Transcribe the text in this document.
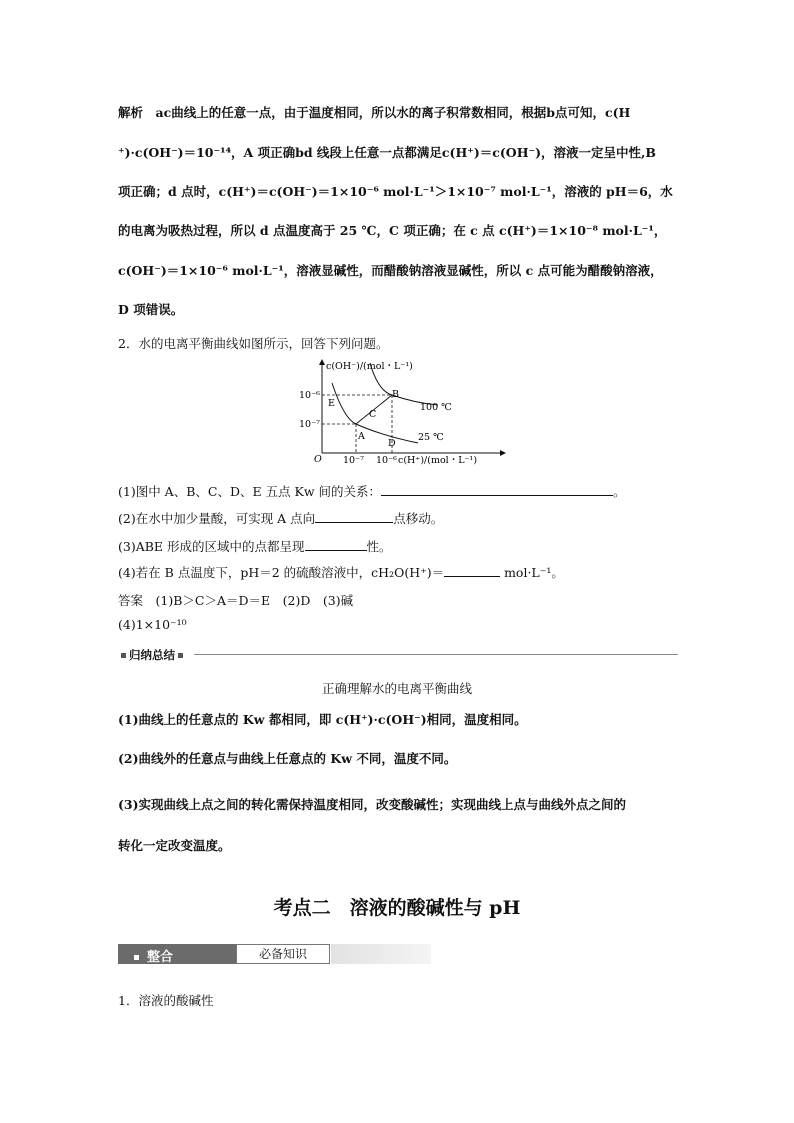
解析　ac曲线上的任意一点，由于温度相同，所以水的离子积常数相同，根据b点可知，c(H
⁺)·c(OH⁻)＝10⁻¹⁴，A 项正确bd 线段上任意一点都满足c(H⁺)＝c(OH⁻)，溶液一定呈中性,B
项正确；d 点时，c(H⁺)＝c(OH⁻)＝1×10⁻⁶ mol·L⁻¹＞1×10⁻⁷ mol·L⁻¹，溶液的 pH＝6，水
的电离为吸热过程，所以 d 点温度高于 25 ℃，C 项正确；在 c 点 c(H⁺)＝1×10⁻⁸ mol·L⁻¹，
c(OH⁻)＝1×10⁻⁶ mol·L⁻¹，溶液显碱性，而醋酸钠溶液显碱性，所以 c 点可能为醋酸钠溶液，
D 项错误。
2．水的电离平衡曲线如图所示，回答下列问题。
c(OH⁻)/(mol・L⁻¹)
c(H⁺)/(mol・L⁻¹)
O
10⁻⁶
10⁻⁷
10⁻⁷ 10⁻⁶
100 ℃
25 ℃
A
B
C
D
E
(1)图中 A、B、C、D、E 五点 Kw 间的关系：	。
(2)在水中加少量酸，可实现 A 点向	点移动。
(3)ABE 形成的区域中的点都呈现	性。
(4)若在 B 点温度下，pH＝2 的硫酸溶液中，cH₂O(H⁺)＝	mol·L⁻¹。
答案　(1)B＞C＞A＝D＝E　(2)D　(3)碱
(4)1×10⁻¹⁰
归纳总结
正确理解水的电离平衡曲线
(1)曲线上的任意点的 Kw 都相同，即 c(H⁺)·c(OH⁻)相同，温度相同。
(2)曲线外的任意点与曲线上任意点的 Kw 不同，温度不同。
(3)实现曲线上点之间的转化需保持温度相同，改变酸碱性；实现曲线上点与曲线外点之间的
转化一定改变温度。
考点二　溶液的酸碱性与 pH
整合	必备知识
1．溶液的酸碱性
